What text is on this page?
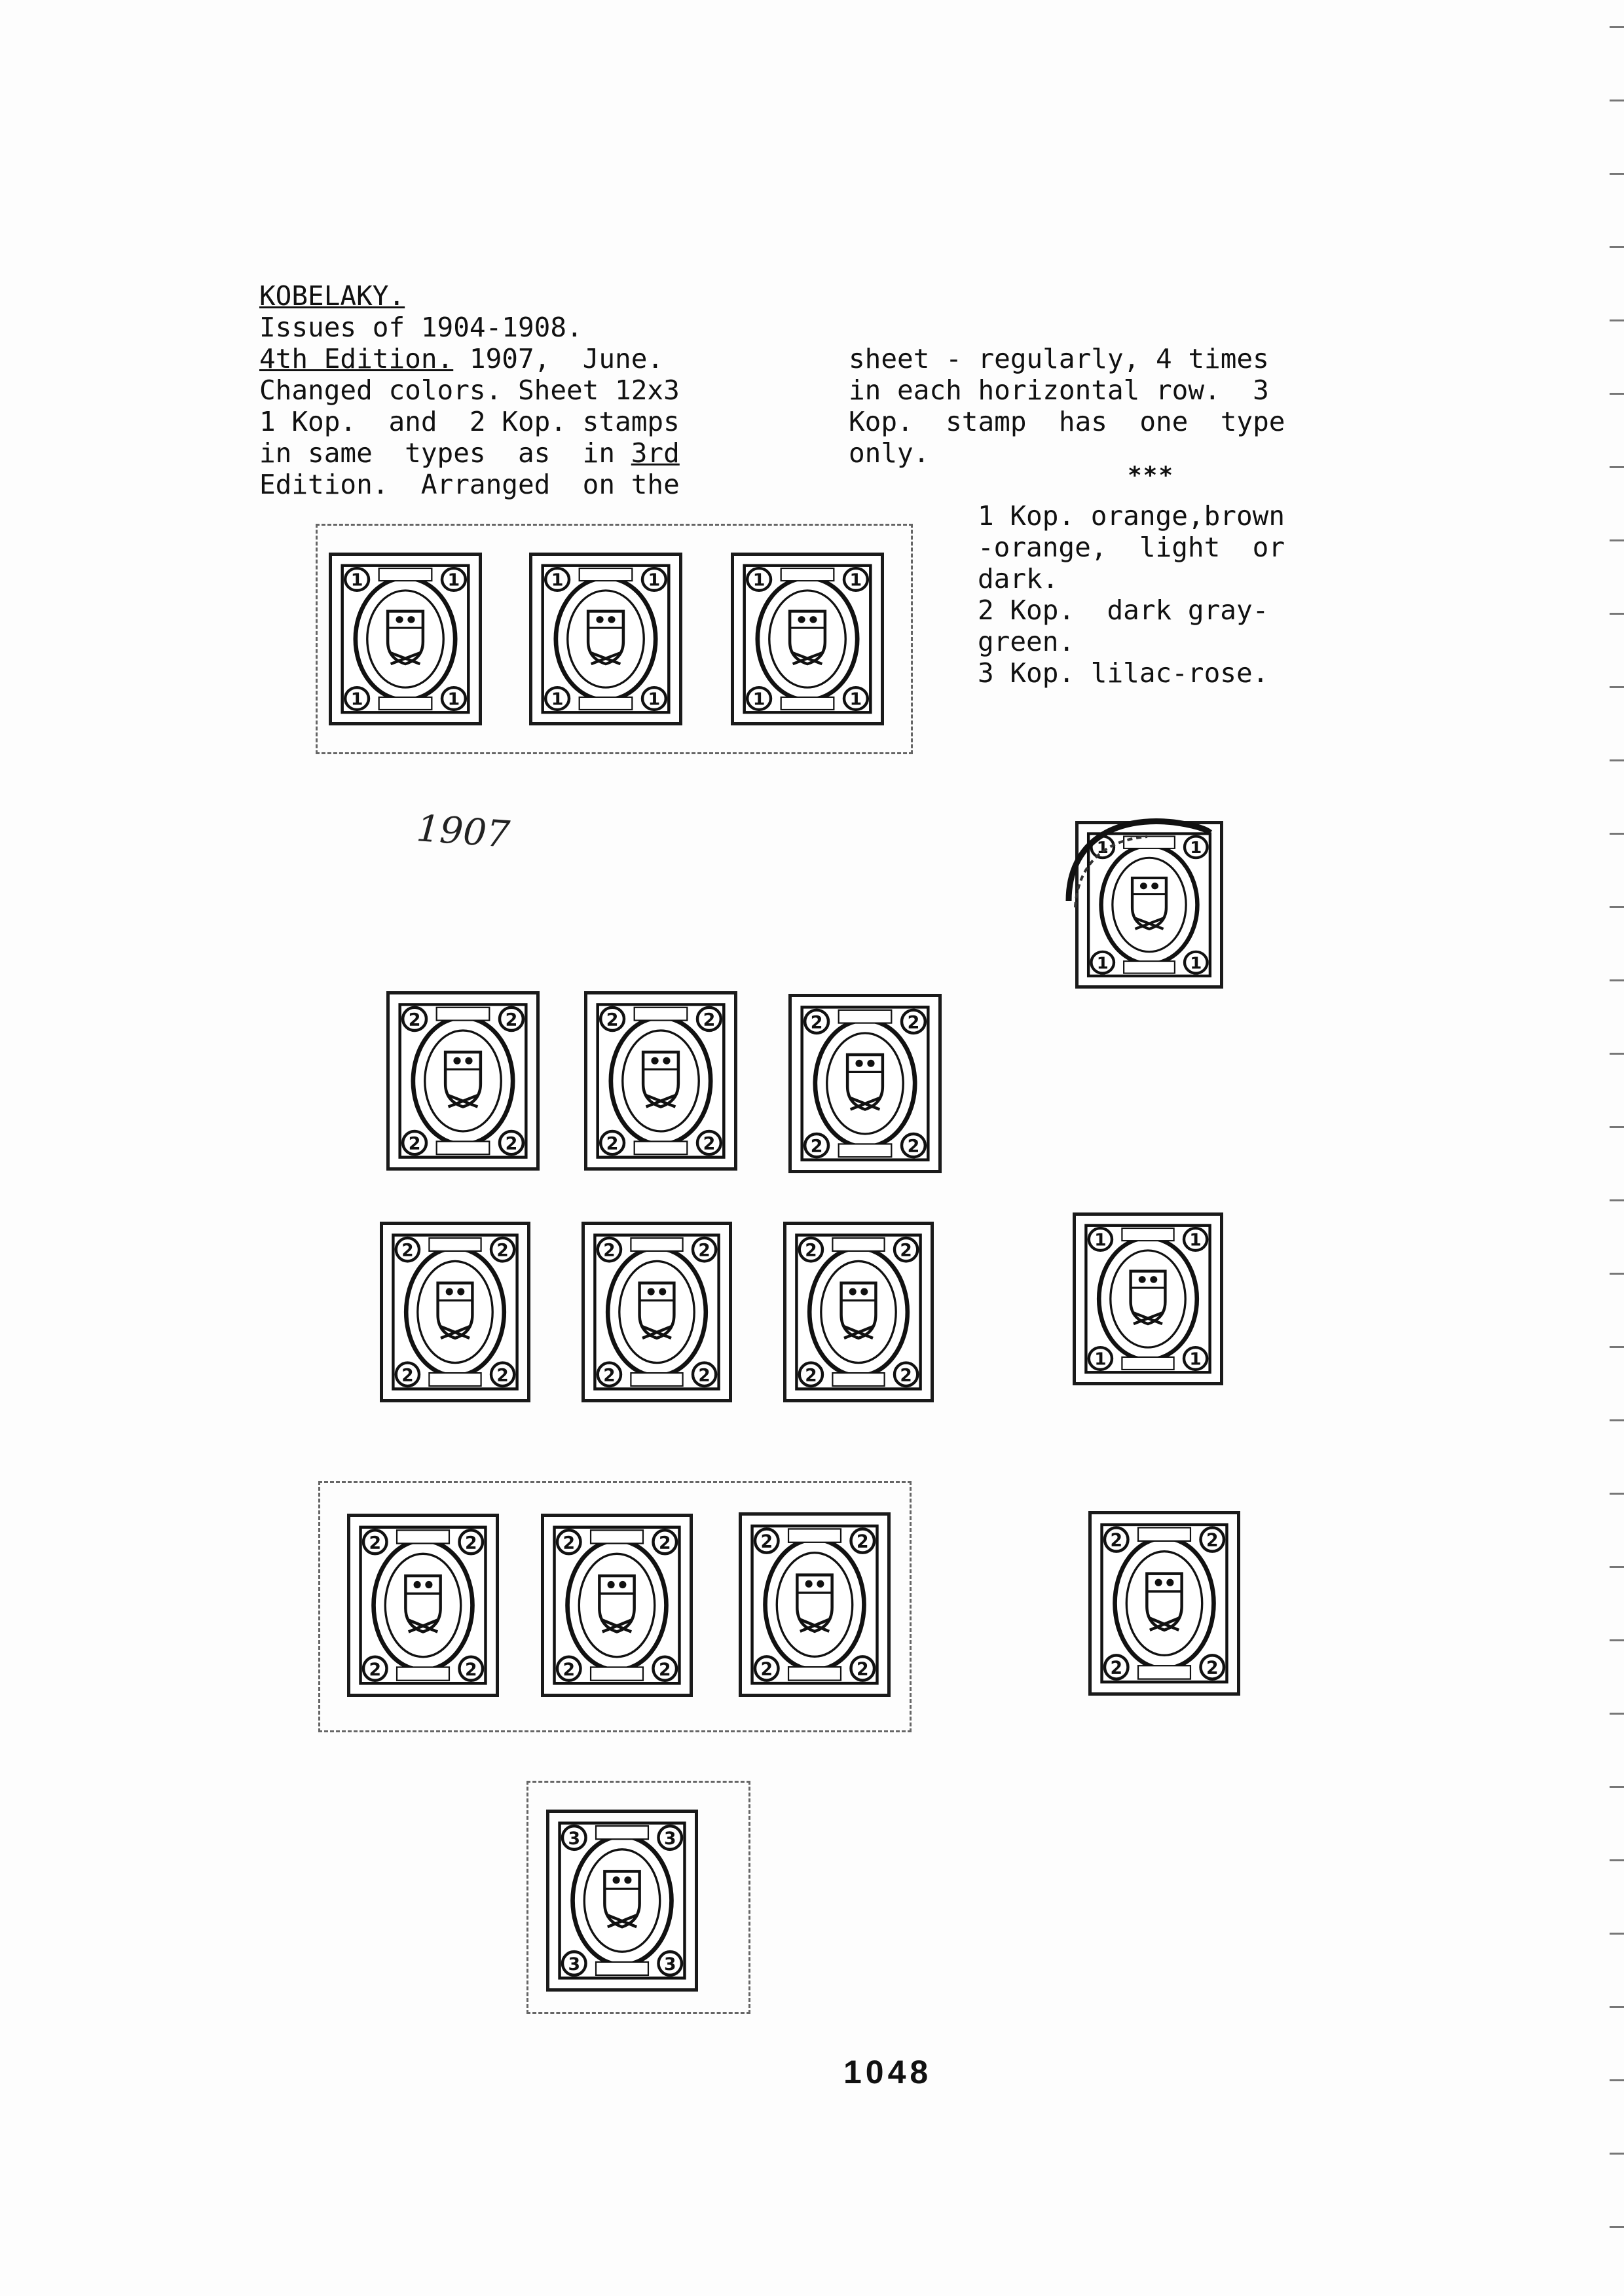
KOBELAKY.
Issues of 1904-1908.
4th Edition. 1907,  June.
Changed colors. Sheet 12x3
1 Kop.  and  2 Kop. stamps
in same  types  as  in 3rd
Edition.  Arranged  on the
sheet - regularly, 4 times
in each horizontal row.  3
Kop.  stamp  has  one  type
only.
***
1 Kop. orange,brown
-orange,  light  or
dark.
2 Kop.  dark gray-
green.
3 Kop. lilac-rose.
1907
1	1
1	1
1	1
1	1
1	1
1	1
1	1
1	1
2	2
2	2
2	2
2	2
2	2
2	2
2	2
2	2
2	2
2	2
2	2
2	2
1	1
1	1
2	2
2	2
2	2
2	2
2	2
2	2
2	2
2	2
3	3
3	3
1048
